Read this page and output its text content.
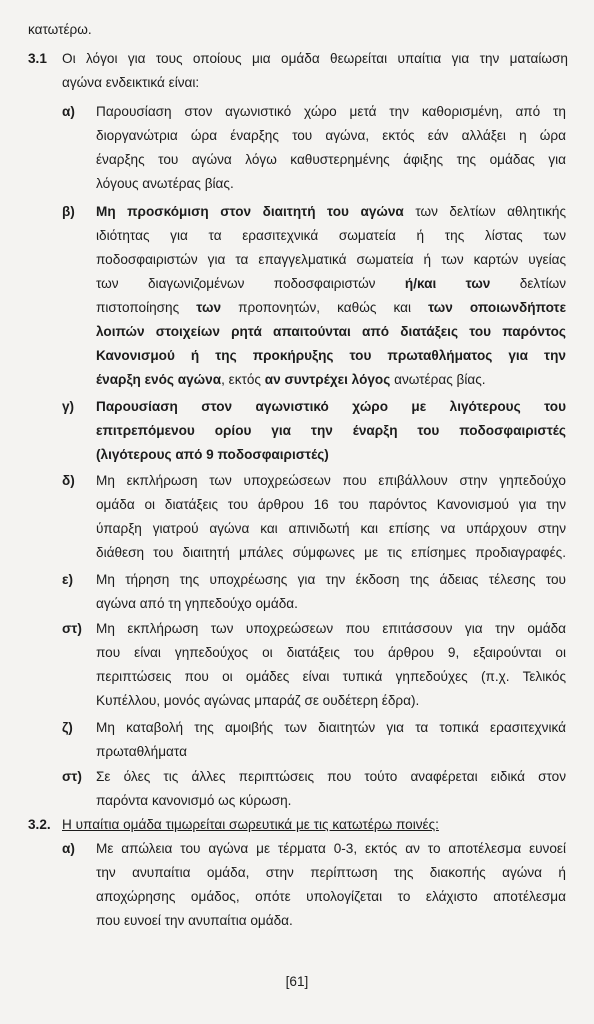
κατωτέρω.
3.1 Οι λόγοι για τους οποίους μια ομάδα θεωρείται υπαίτια για την ματαίωση
αγώνα ενδεικτικά είναι:
α) Παρουσίαση στον αγωνιστικό χώρο μετά την καθορισμένη, από τη
διοργανώτρια ώρα έναρξης του αγώνα, εκτός εάν αλλάξει η ώρα
έναρξης του αγώνα λόγω καθυστερημένης άφιξης της ομάδας για
λόγους ανωτέρας βίας.
β) Μη προσκόμιση στον διαιτητή του αγώνα των δελτίων αθλητικής
ιδιότητας για τα ερασιτεχνικά σωματεία ή της λίστας των
ποδοσφαιριστών για τα επαγγελματικά σωματεία ή των καρτών υγείας
των διαγωνιζομένων ποδοσφαιριστών ή/και των δελτίων
πιστοποίησης των προπονητών, καθώς και των οποιωνδήποτε
λοιπών στοιχείων ρητά απαιτούνται από διατάξεις του παρόντος
Κανονισμού ή της προκήρυξης του πρωταθλήματος για την
έναρξη ενός αγώνα, εκτός αν συντρέχει λόγος ανωτέρας βίας.
γ) Παρουσίαση στον αγωνιστικό χώρο με λιγότερους του
επιτρεπόμενου ορίου για την έναρξη του ποδοσφαιριστές
(λιγότερους από 9 ποδοσφαιριστές)
δ) Μη εκπλήρωση των υποχρεώσεων που επιβάλλουν στην γηπεδούχο
ομάδα οι διατάξεις του άρθρου 16 του παρόντος Κανονισμού για την
ύπαρξη γιατρού αγώνα και απινιδωτή και επίσης να υπάρχουν στην
διάθεση του διαιτητή μπάλες σύμφωνες με τις επίσημες προδιαγραφές.
ε) Μη τήρηση της υποχρέωσης για την έκδοση της άδειας τέλεσης του
αγώνα από τη γηπεδούχο ομάδα.
στ) Μη εκπλήρωση των υποχρεώσεων που επιτάσσουν για την ομάδα
που είναι γηπεδούχος οι διατάξεις του άρθρου 9, εξαιρούνται οι
περιπτώσεις που οι ομάδες είναι τυπικά γηπεδούχες (π.χ. Τελικός
Κυπέλλου, μονός αγώνας μπαράζ σε ουδέτερη έδρα).
ζ) Μη καταβολή της αμοιβής των διαιτητών για τα τοπικά ερασιτεχνικά
πρωταθλήματα
στ) Σε όλες τις άλλες περιπτώσεις που τούτο αναφέρεται ειδικά στον
παρόντα κανονισμό ως κύρωση.
3.2. Η υπαίτια ομάδα τιμωρείται σωρευτικά με τις κατωτέρω ποινές:
α) Με απώλεια του αγώνα με τέρματα 0-3, εκτός αν το αποτέλεσμα ευνοεί
την ανυπαίτια ομάδα, στην περίπτωση της διακοπής αγώνα ή
αποχώρησης ομάδος, οπότε υπολογίζεται το ελάχιστο αποτέλεσμα
που ευνοεί την ανυπαίτια ομάδα.
[61]
